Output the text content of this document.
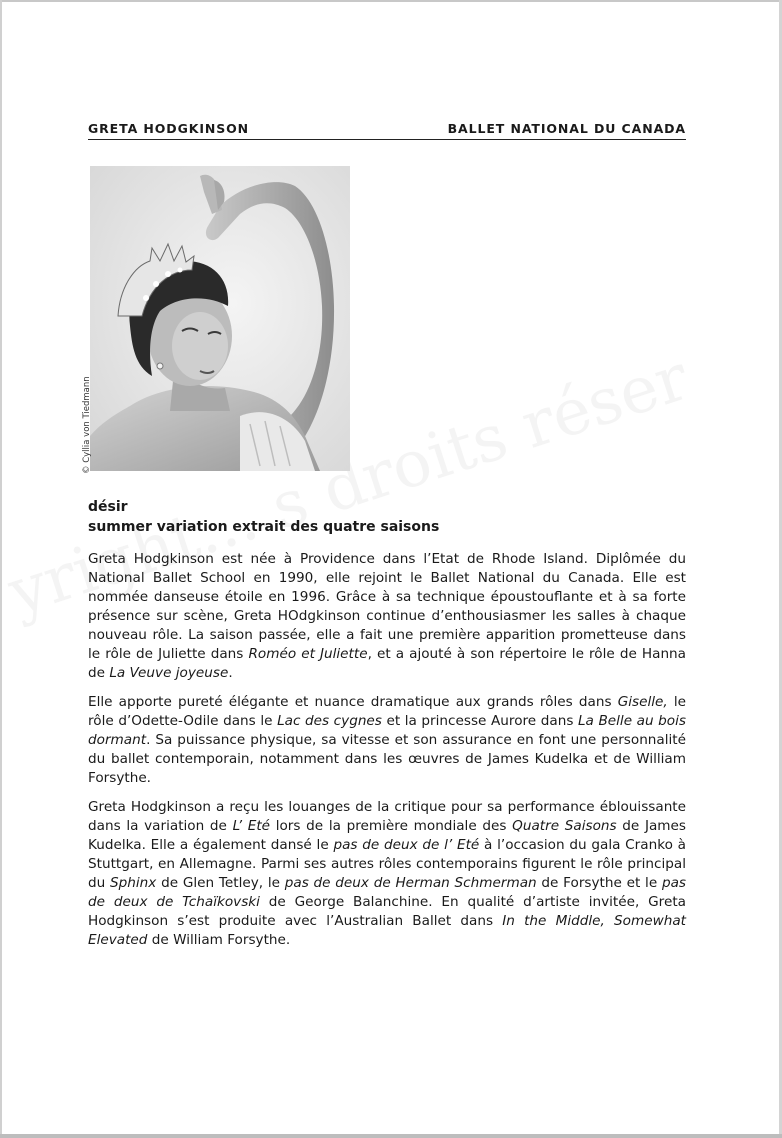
GRETA HODGKINSON	BALLET NATIONAL DU CANADA
© Cyllia von Tiedmann
désir
summer variation extrait des quatre saisons

Greta Hodgkinson est née à Providence dans l’Etat de Rhode Island. Diplômée du National Ballet School en 1990, elle rejoint le Ballet National du Canada. Elle est nommée danseuse étoile en 1996. Grâce à sa technique époustouflante et à sa forte présence sur scène, Greta HOdgkinson continue d’enthousiasmer les salles à chaque nouveau rôle. La saison passée, elle a fait une première apparition prometteuse dans le rôle de Juliette dans Roméo et Juliette, et a ajouté à son répertoire le rôle de Hanna de La Veuve joyeuse.

Elle apporte pureté élégante et nuance dramatique aux grands rôles dans Giselle, le rôle d’Odette-Odile dans le Lac des cygnes et la princesse Aurore dans La Belle au bois dormant. Sa puissance physique, sa vitesse et son assurance en font une personnalité du ballet contemporain, notamment dans les œuvres de James Kudelka et de William Forsythe.

Greta Hodgkinson a reçu les louanges de la critique pour sa performance éblouissante dans la variation de L’ Eté lors de la première mondiale des Quatre Saisons de James Kudelka. Elle a également dansé le pas de deux de l’ Eté à l’occasion du gala Cranko à Stuttgart, en Allemagne. Parmi ses autres rôles contemporains figurent le rôle principal du Sphinx de Glen Tetley, le pas de deux de Herman Schmerman de Forsythe et le pas de deux de Tchaïkovski de George Balanchine. En qualité d’artiste invitée, Greta Hodgkinson s’est produite avec l’Australian Ballet dans In the Middle, Somewhat Elevated de William Forsythe.
